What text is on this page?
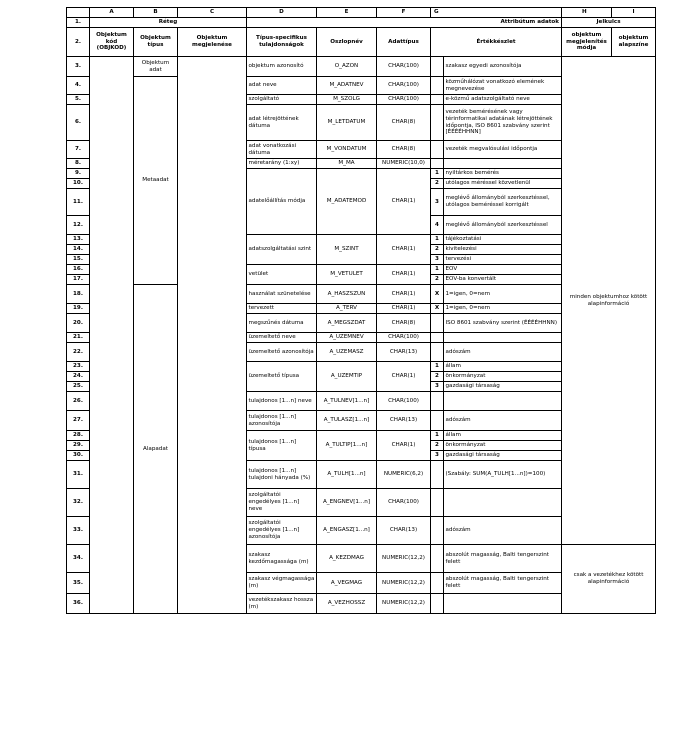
	A	B	C	D	E	F	G		H	I	
1.	Réteg			Attribútum adatok					Jelkulcs		
2.	Objektum kód (OBJKOD)	Objektum típus	Objektum megjelenése	Típus-specifikus tulajdonságok	Oszlopnév	Adattípus	Értékkészlet		objektum megjelenítés módja	objektum alapszíne	
3.		Objektum adat		objektum azonosító	O_AZON	CHAR(100)		szakasz egyedi azonosítója	minden objektumhoz kötött alapinformáció		
4.		Metaadat		adat neve	M_ADATNEV	CHAR(100)		közműhálózat vonatkozó elemének megnevezése			
5.				szolgáltató	M_SZOLG	CHAR(100)		e-közmű adatszolgáltató neve			
6.				adat létrejöttének dátuma	M_LETDATUM	CHAR(8)		vezeték bemérésének vagy térinformatikai adatának létrejöttének időpontja, ISO 8601 szabvány szerint [ÉÉÉÉHHNN]			
7.				adat vonatkozási dátuma	M_VONDATUM	CHAR(8)		vezeték megvalósulási időpontja			
8.				méretarány (1:xy)	M_MA	NUMERIC(10,0)					
9.				adatelőállítás módja	M_ADATEMOD	CHAR(1)	1	nyiltárkos bemérés			
10.							2	utólagos méréssel közvetlenül			
11.							3	meglévő állományból szerkesztéssel, utólagos beméréssel korrigált			
12.							4	meglévő állományból szerkesztéssel			
13.				adatszolgáltatási szint	M_SZINT	CHAR(1)	1	tájékoztatási			
14.							2	kivitelezési			
15.							3	tervezési			
16.				vetület	M_VETULET	CHAR(1)	1	EOV			
17.							2	EOV-ba konvertált			
18.		Alapadat		használat szünetelése	A_HASZSZUN	CHAR(1)	X	1=igen, 0=nem			
19.				tervezett	A_TERV	CHAR(1)	X	1=igen, 0=nem			
20.				megszűnés dátuma	A_MEGSZDAT	CHAR(8)		ISO 8601 szabvány szerint (ÉÉÉÉHHNN)			
21.				üzemeltető neve	A_UZEMNEV	CHAR(100)					
22.				üzemeltető azonosítója	A_UZEMASZ	CHAR(13)		adószám			
23.				üzemeltető típusa	A_UZEMTIP	CHAR(1)	1	állam			
24.							2	önkormányzat			
25.							3	gazdasági társaság			
26.				tulajdonos [1...n] neve	A_TULNEV[1...n]	CHAR(100)					
27.				tulajdonos [1...n] azonosítója	A_TULASZ[1...n]	CHAR(13)		adószám			
28.				tulajdonos [1...n] típusa	A_TULTIP[1...n]	CHAR(1)	1	állam			
29.							2	önkormányzat			
30.							3	gazdasági társaság			
31.				tulajdonos [1...n] tulajdoni hányada (%)	A_TULH[1...n]	NUMERIC(6,2)		(Szabály: SUM(A_TULH[1...n])=100)			
32.				szolgáltatói engedélyes [1...n] neve	A_ENGNEV[1...n]	CHAR(100)					
33.				szolgáltatói engedélyes [1...n] azonosítója	A_ENGASZ[1...n]	CHAR(13)		adószám			
34.				szakasz kezdőmagassága (m)	A_KEZDMAG	NUMERIC(12,2)		abszolút magasság, Balti tengerszint felett	csak a vezetékhez kötött alapinformáció		
35.				szakasz végmagassága (m)	A_VEGMAG	NUMERIC(12,2)		abszolút magasság, Balti tengerszint felett			
36.				vezetékszakasz hossza (m)	A_VEZHOSSZ	NUMERIC(12,2)					
